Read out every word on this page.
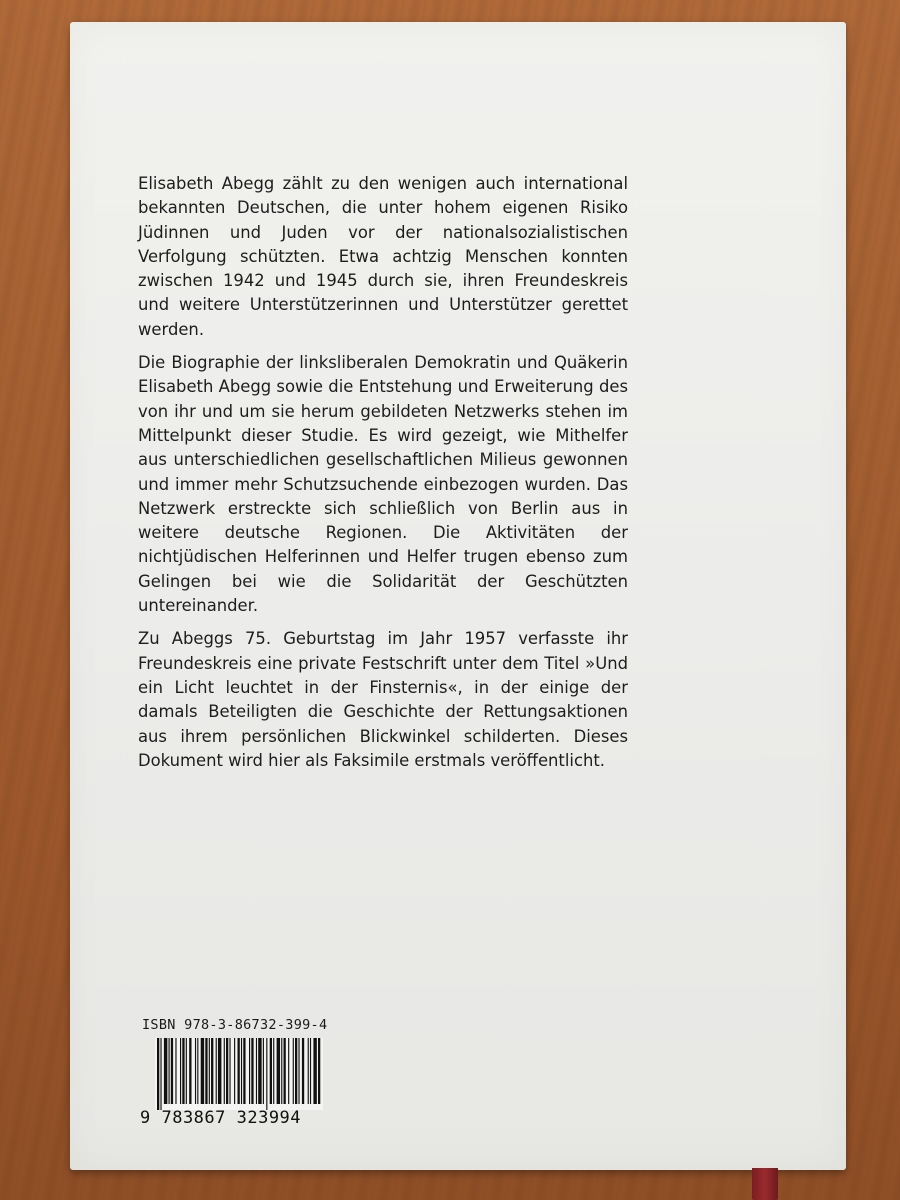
Elisabeth Abegg zählt zu den wenigen auch international bekannten Deutschen, die unter hohem eigenen Risiko Jüdinnen und Juden vor der nationalsozialistischen Verfolgung schützten. Etwa achtzig Menschen konnten zwischen 1942 und 1945 durch sie, ihren Freundeskreis und weitere Unterstützerinnen und Unterstützer gerettet werden.

Die Biographie der linksliberalen Demokratin und Quäkerin Elisabeth Abegg sowie die Entstehung und Erweiterung des von ihr und um sie herum gebildeten Netzwerks stehen im Mittelpunkt dieser Studie. Es wird gezeigt, wie Mithelfer aus unterschiedlichen gesellschaftlichen Milieus gewonnen und immer mehr Schutzsuchende einbezogen wurden. Das Netzwerk erstreckte sich schließlich von Berlin aus in weitere deutsche Regionen. Die Aktivitäten der nichtjüdischen Helferinnen und Helfer trugen ebenso zum Gelingen bei wie die Solidarität der Geschützten untereinander.

Zu Abeggs 75. Geburtstag im Jahr 1957 verfasste ihr Freundeskreis eine private Festschrift unter dem Titel »Und ein Licht leuchtet in der Finsternis«, in der einige der damals Beteiligten die Geschichte der Rettungsaktionen aus ihrem persönlichen Blickwinkel schilderten. Dieses Dokument wird hier als Faksimile erstmals veröffentlicht.

ISBN 978-3-86732-399-4
9 783867 323994
